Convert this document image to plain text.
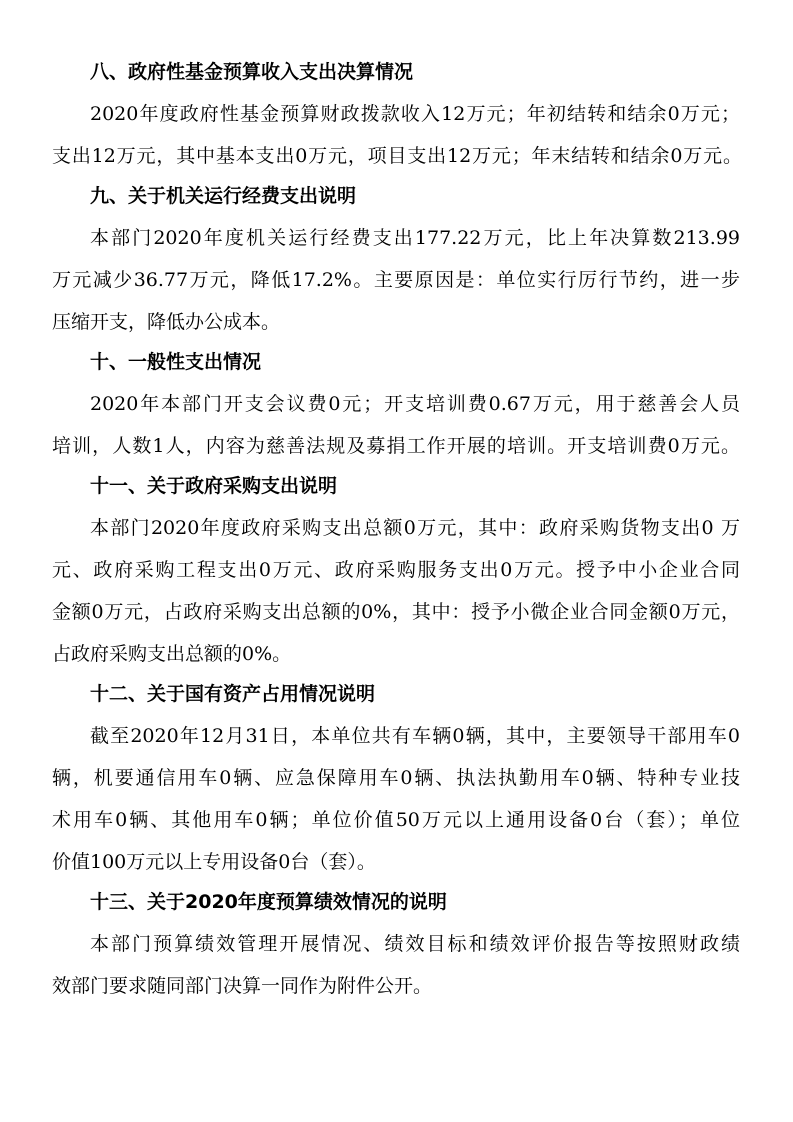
八、政府性基金预算收入支出决算情况
2020年度政府性基金预算财政拨款收入12万元；年初结转和结余0万元；
支出12万元，其中基本支出0万元，项目支出12万元；年末结转和结余0万元。
九、关于机关运行经费支出说明
本部门2020年度机关运行经费支出177.22万元，比上年决算数213.99
万元减少36.77万元，降低17.2%。主要原因是：单位实行厉行节约，进一步
压缩开支，降低办公成本。
十、一般性支出情况
2020年本部门开支会议费0元；开支培训费0.67万元，用于慈善会人员
培训，人数1人，内容为慈善法规及募捐工作开展的培训。开支培训费0万元。
十一、关于政府采购支出说明
本部门2020年度政府采购支出总额0万元，其中：政府采购货物支出0 万
元、政府采购工程支出0万元、政府采购服务支出0万元。授予中小企业合同
金额0万元，占政府采购支出总额的0%，其中：授予小微企业合同金额0万元，
占政府采购支出总额的0%。
十二、关于国有资产占用情况说明
截至2020年12月31日，本单位共有车辆0辆，其中，主要领导干部用车0
辆，机要通信用车0辆、应急保障用车0辆、执法执勤用车0辆、特种专业技
术用车0辆、其他用车0辆；单位价值50万元以上通用设备0台（套）；单位
价值100万元以上专用设备0台（套）。
十三、关于2020年度预算绩效情况的说明
本部门预算绩效管理开展情况、绩效目标和绩效评价报告等按照财政绩
效部门要求随同部门决算一同作为附件公开。
